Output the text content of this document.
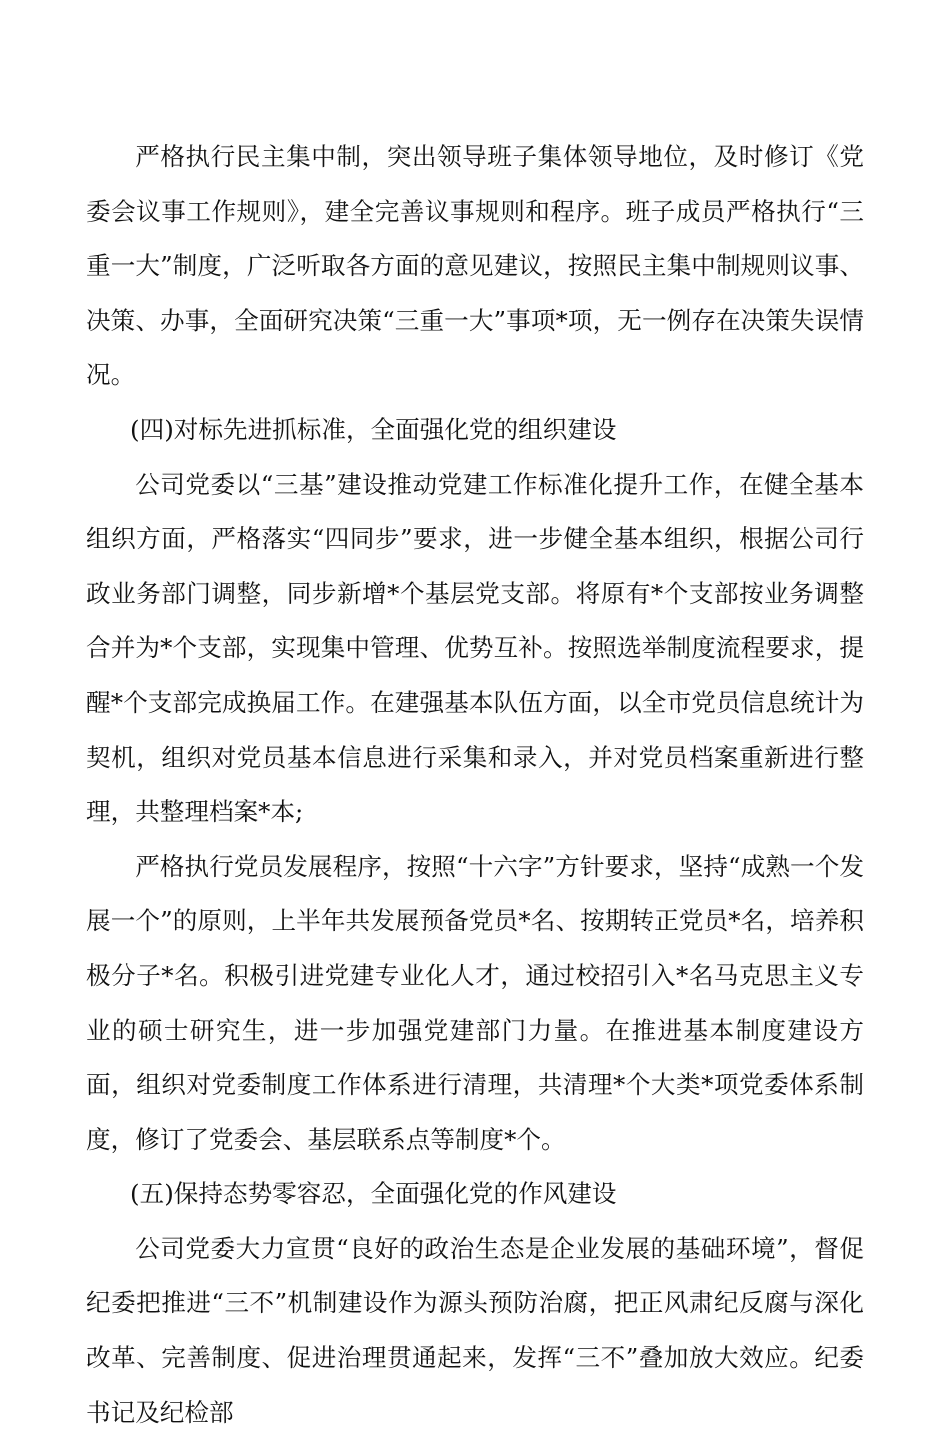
严格执行民主集中制，突出领导班子集体领导地位，及时修订《党委会议事工作规则》，建全完善议事规则和程序。班子成员严格执行“三重一大”制度，广泛听取各方面的意见建议，按照民主集中制规则议事、决策、办事，全面研究决策“三重一大”事项*项，无一例存在决策失误情况。

(四)对标先进抓标准，全面强化党的组织建设

公司党委以“三基”建设推动党建工作标准化提升工作，在健全基本组织方面，严格落实“四同步”要求，进一步健全基本组织，根据公司行政业务部门调整，同步新增*个基层党支部。将原有*个支部按业务调整合并为*个支部，实现集中管理、优势互补。按照选举制度流程要求，提醒*个支部完成换届工作。在建强基本队伍方面，以全市党员信息统计为契机，组织对党员基本信息进行采集和录入，并对党员档案重新进行整理，共整理档案*本;

严格执行党员发展程序，按照“十六字”方针要求，坚持“成熟一个发展一个”的原则，上半年共发展预备党员*名、按期转正党员*名，培养积极分子*名。积极引进党建专业化人才，通过校招引入*名马克思主义专业的硕士研究生，进一步加强党建部门力量。在推进基本制度建设方面，组织对党委制度工作体系进行清理，共清理*个大类*项党委体系制度，修订了党委会、基层联系点等制度*个。

(五)保持态势零容忍，全面强化党的作风建设

公司党委大力宣贯“良好的政治生态是企业发展的基础环境”，督促纪委把推进“三不”机制建设作为源头预防治腐，把正风肃纪反腐与深化改革、完善制度、促进治理贯通起来，发挥“三不”叠加放大效应。纪委书记及纪检部
